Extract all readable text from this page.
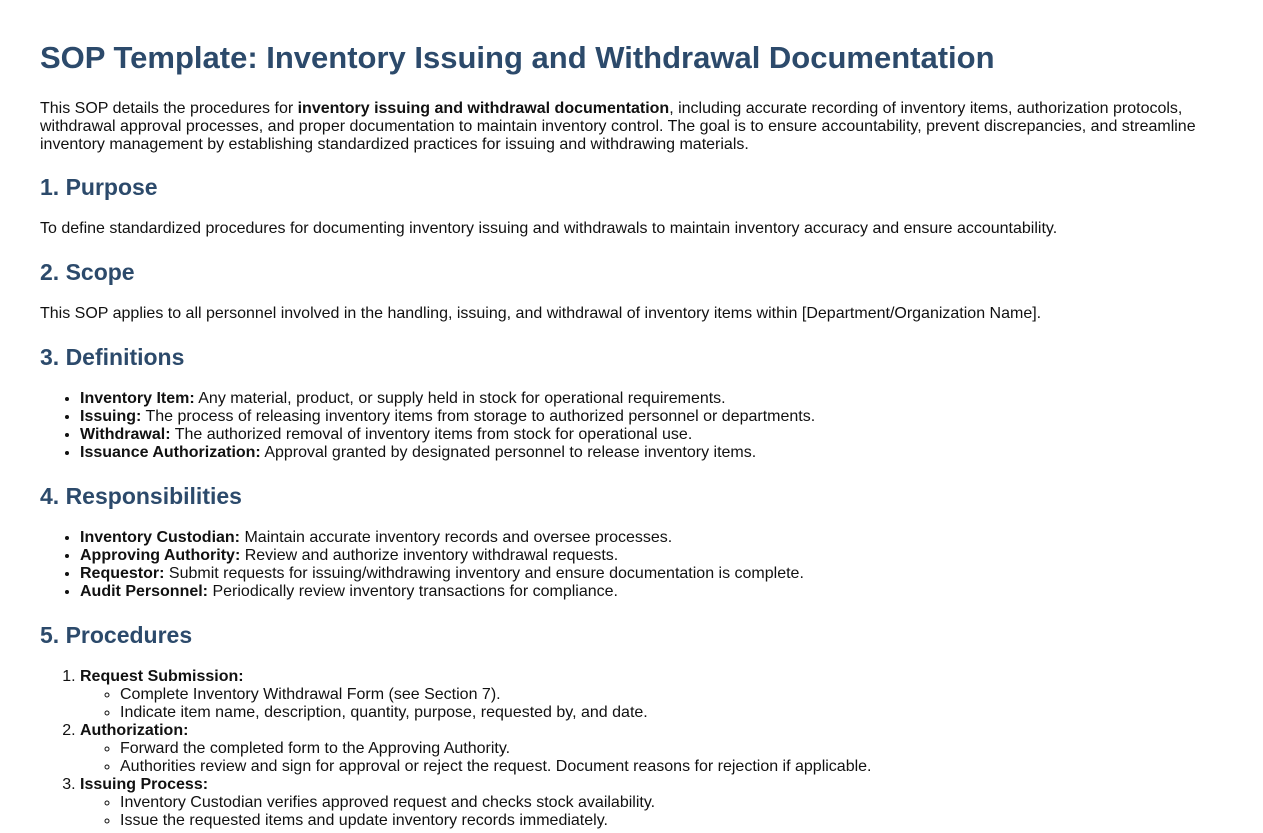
SOP Template: Inventory Issuing and Withdrawal Documentation

This SOP details the procedures for inventory issuing and withdrawal documentation, including accurate recording of inventory items, authorization protocols, withdrawal approval processes, and proper documentation to maintain inventory control. The goal is to ensure accountability, prevent discrepancies, and streamline inventory management by establishing standardized practices for issuing and withdrawing materials.

1. Purpose

To define standardized procedures for documenting inventory issuing and withdrawals to maintain inventory accuracy and ensure accountability.

2. Scope

This SOP applies to all personnel involved in the handling, issuing, and withdrawal of inventory items within [Department/Organization Name].

3. Definitions
• Inventory Item: Any material, product, or supply held in stock for operational requirements.
• Issuing: The process of releasing inventory items from storage to authorized personnel or departments.
• Withdrawal: The authorized removal of inventory items from stock for operational use.
• Issuance Authorization: Approval granted by designated personnel to release inventory items.
4. Responsibilities
• Inventory Custodian: Maintain accurate inventory records and oversee processes.
• Approving Authority: Review and authorize inventory withdrawal requests.
• Requestor: Submit requests for issuing/withdrawing inventory and ensure documentation is complete.
• Audit Personnel: Periodically review inventory transactions for compliance.
5. Procedures
1. Request Submission:
◦ Complete Inventory Withdrawal Form (see Section 7).
◦ Indicate item name, description, quantity, purpose, requested by, and date.
2. Authorization:
◦ Forward the completed form to the Approving Authority.
◦ Authorities review and sign for approval or reject the request. Document reasons for rejection if applicable.
3. Issuing Process:
◦ Inventory Custodian verifies approved request and checks stock availability.
◦ Issue the requested items and update inventory records immediately.
